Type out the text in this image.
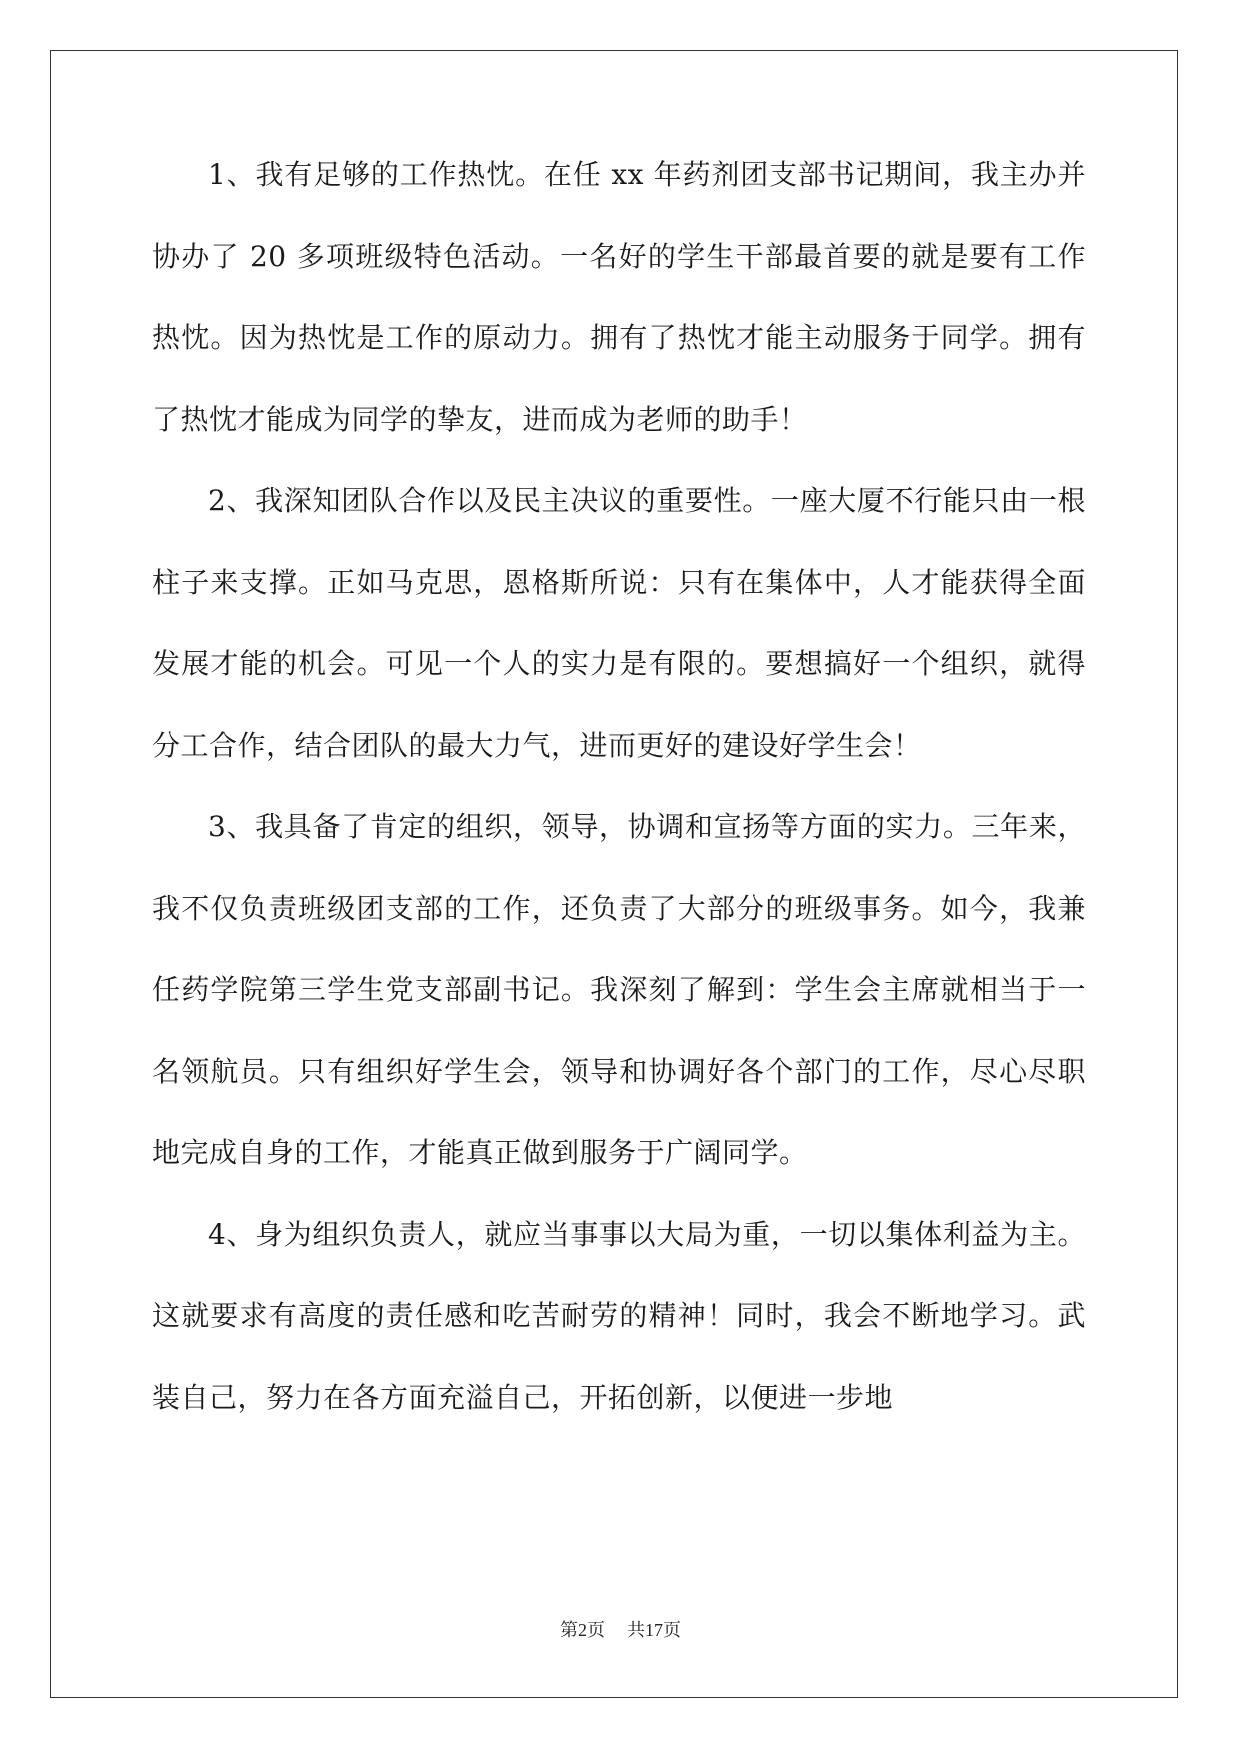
1、我有足够的工作热忱。在任 xx 年药剂团支部书记期间，我主办并协办了 20 多项班级特色活动。一名好的学生干部最首要的就是要有工作热忱。因为热忱是工作的原动力。拥有了热忱才能主动服务于同学。拥有了热忱才能成为同学的挚友，进而成为老师的助手！

2、我深知团队合作以及民主决议的重要性。一座大厦不行能只由一根柱子来支撑。正如马克思，恩格斯所说：只有在集体中，人才能获得全面发展才能的机会。可见一个人的实力是有限的。要想搞好一个组织，就得分工合作，结合团队的最大力气，进而更好的建设好学生会！

3、我具备了肯定的组织，领导，协调和宣扬等方面的实力。三年来，我不仅负责班级团支部的工作，还负责了大部分的班级事务。如今，我兼任药学院第三学生党支部副书记。我深刻了解到：学生会主席就相当于一名领航员。只有组织好学生会，领导和协调好各个部门的工作，尽心尽职地完成自身的工作，才能真正做到服务于广阔同学。

4、身为组织负责人，就应当事事以大局为重，一切以集体利益为主。这就要求有高度的责任感和吃苦耐劳的精神！同时，我会不断地学习。武装自己，努力在各方面充溢自己，开拓创新，以便进一步地

第2页 共17页
